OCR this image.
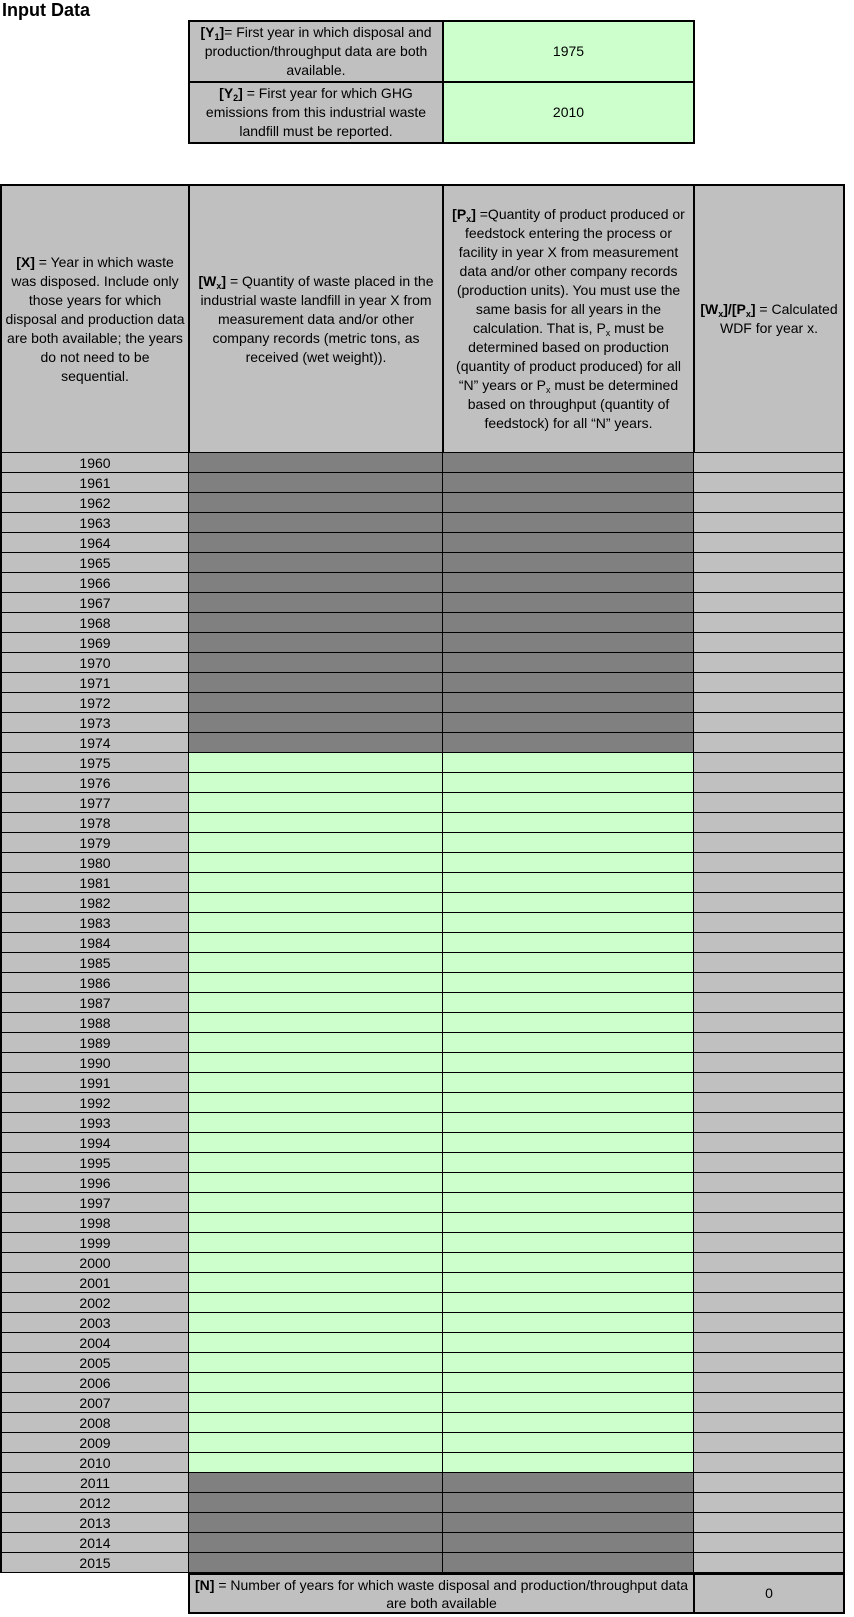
Input Data
$[Y_1]=$ First year in which disposal and production/throughput data are both available.
1975
$[Y_2]$ = First year for which GHG emissions from this industrial waste landfill must be reported.
2010
[X] = Year in which waste was disposed. Include only those years for which disposal and production data are both available; the years do not need to be sequential.
$[W_x]$ = Quantity of waste placed in the industrial waste landfill in year X from measurement data and/or other company records (metric tons, as received (wet weight)).
$[P_x]$ =Quantity of product produced or feedstock entering the process or facility in year X from measurement data and/or other company records (production units). You must use the same basis for all years in the calculation. That is, $P_x$ must be determined based on production (quantity of product produced) for all “N” years or $P_x$ must be determined based on throughput (quantity of feedstock) for all “N” years.
$[W_x]/[P_x]$ = Calculated WDF for year x.
1960
1961
1962
1963
1964
1965
1966
1967
1968
1969
1970
1971
1972
1973
1974
1975
1976
1977
1978
1979
1980
1981
1982
1983
1984
1985
1986
1987
1988
1989
1990
1991
1992
1993
1994
1995
1996
1997
1998
1999
2000
2001
2002
2003
2004
2005
2006
2007
2008
2009
2010
2011
2012
2013
2014
2015
[N] = Number of years for which waste disposal and production/throughput data are both available
0
